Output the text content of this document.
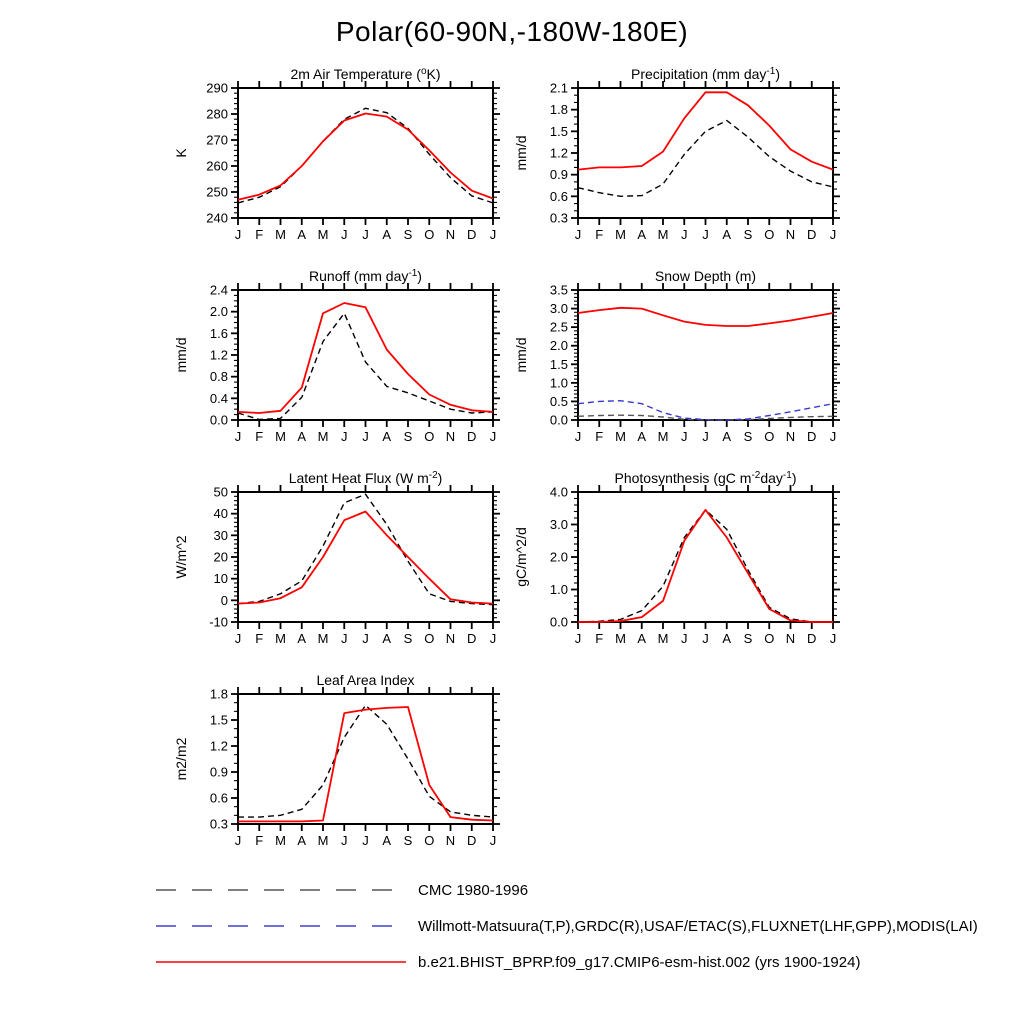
Polar(60-90N,-180W-180E)
2m Air Temperature ($^o$K)
K
240
250
260
270
280
290
J F M A M J J A S O N D J
Precipitation (mm day$^{-1}$)
mm/d
0.3
0.6
0.9
1.2
1.5
1.8
2.1
J F M A M J J A S O N D J
Runoff (mm day$^{-1}$)
mm/d
0.0
0.4
0.8
1.2
1.6
2.0
2.4
J F M A M J J A S O N D J
Snow Depth (m)
mm/d
0.0
0.5
1.0
1.5
2.0
2.5
3.0
3.5
J F M A M J J A S O N D J
Latent Heat Flux (W $m^{-2}$)
W/m^2
-10
0
10
20
30
40
50
J F M A M J J A S O N D J
Photosynthesis (gC $m^{-2}day^{-1}$)
gC/m^2/d
0.0
1.0
2.0
3.0
4.0
J F M A M J J A S O N D J
Leaf Area Index
m2/m2
0.3
0.6
0.9
1.2
1.5
1.8
J F M A M J J A S O N D J
CMC 1980-1996
Willmott-Matsuura(T,P),GRDC(R),USAF/ETAC(S),FLUXNET(LHF,GPP),MODIS(LAI)
b.e21.BHIST_BPRP.f09_g17.CMIP6-esm-hist.002 (yrs 1900-1924)
